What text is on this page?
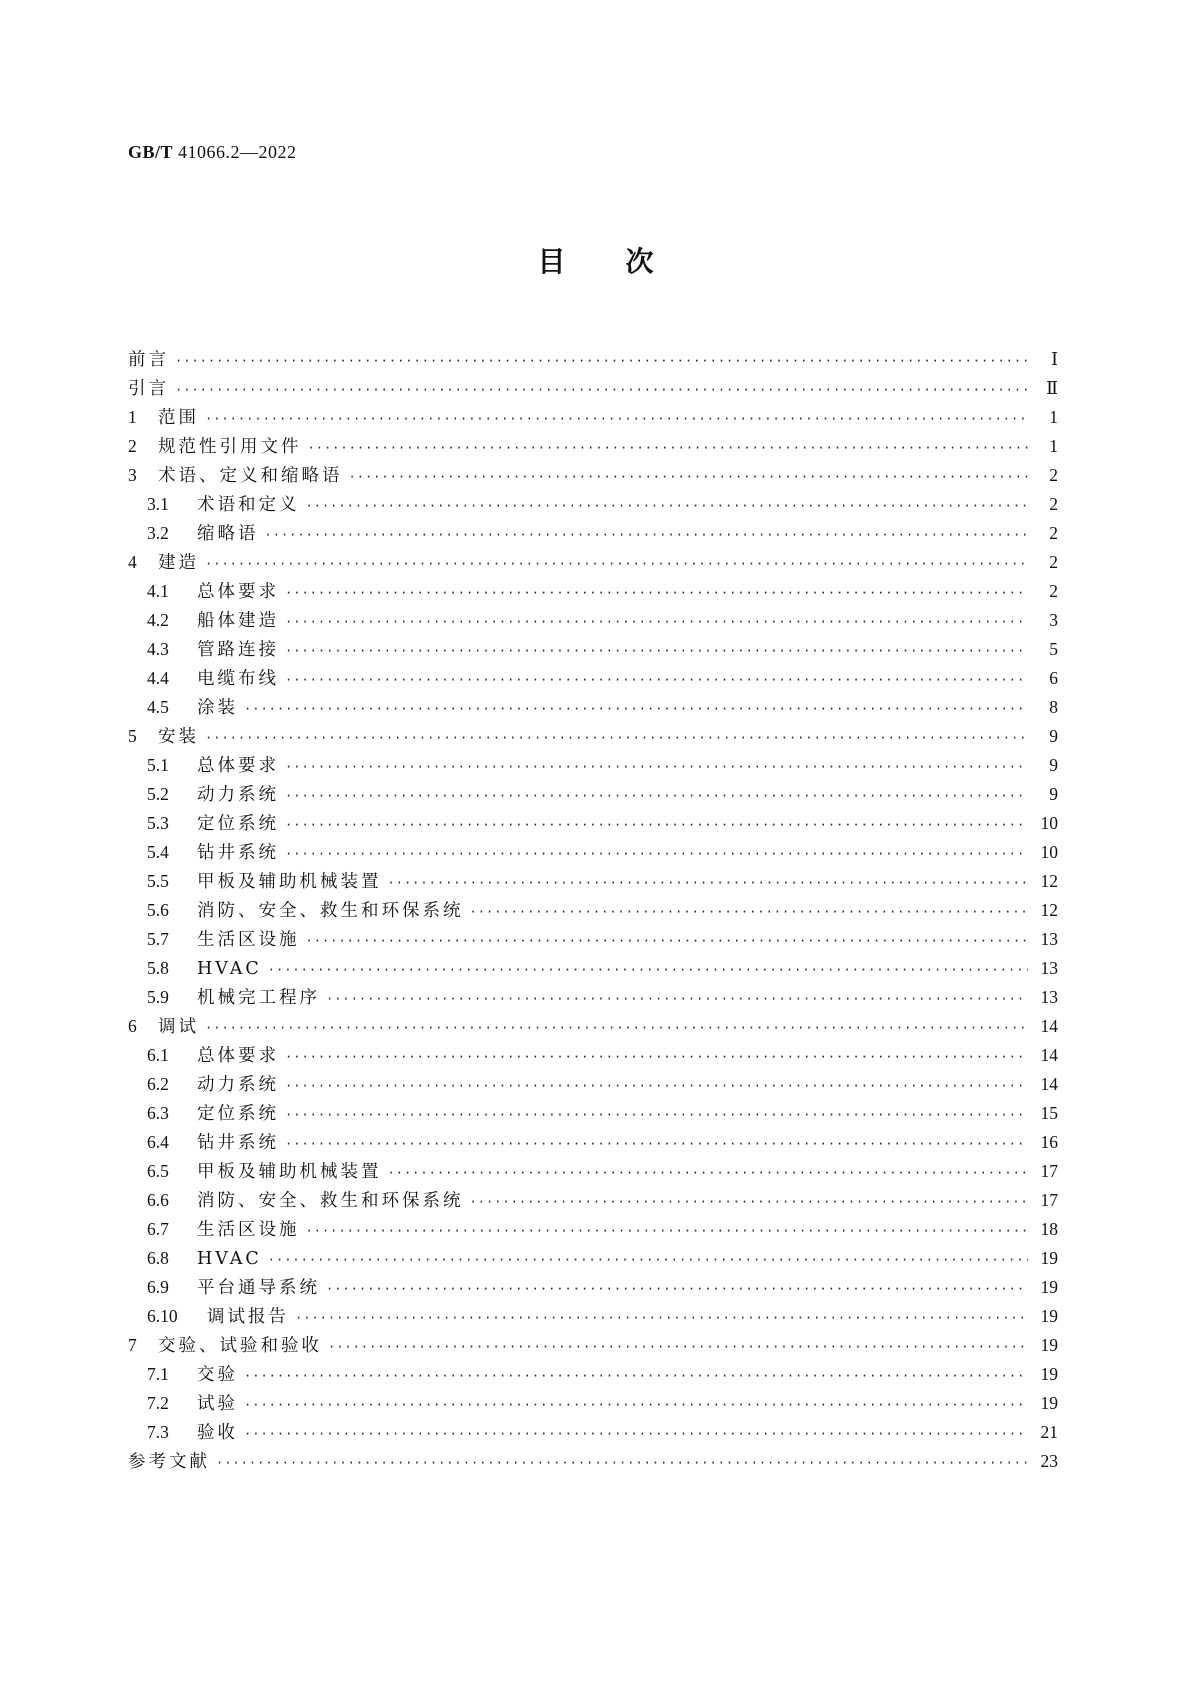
GB/T 41066.2—2022
目 次
前言 ·····	Ⅰ
引言 ·····	Ⅱ
1	范围 ·····	1
2	规范性引用文件 ·····	1
3	术语、定义和缩略语 ·····	2
3.1	术语和定义 ·····	2
3.2	缩略语 ·····	2
4	建造 ·····	2
4.1	总体要求 ·····	2
4.2	船体建造 ·····	3
4.3	管路连接 ·····	5
4.4	电缆布线 ·····	6
4.5	涂装 ·····	8
5	安装 ·····	9
5.1	总体要求 ·····	9
5.2	动力系统 ·····	9
5.3	定位系统 ·····	10
5.4	钻井系统 ·····	10
5.5	甲板及辅助机械装置 ·····	12
5.6	消防、安全、救生和环保系统 ·····	12
5.7	生活区设施 ·····	13
5.8	HVAC ·····	13
5.9	机械完工程序 ·····	13
6	调试 ·····	14
6.1	总体要求 ·····	14
6.2	动力系统 ·····	14
6.3	定位系统 ·····	15
6.4	钻井系统 ·····	16
6.5	甲板及辅助机械装置 ·····	17
6.6	消防、安全、救生和环保系统 ·····	17
6.7	生活区设施 ·····	18
6.8	HVAC ·····	19
6.9	平台通导系统 ·····	19
6.10	调试报告 ·····	19
7	交验、试验和验收 ·····	19
7.1	交验 ·····	19
7.2	试验 ·····	19
7.3	验收 ·····	21
参考文献 ·····	23
